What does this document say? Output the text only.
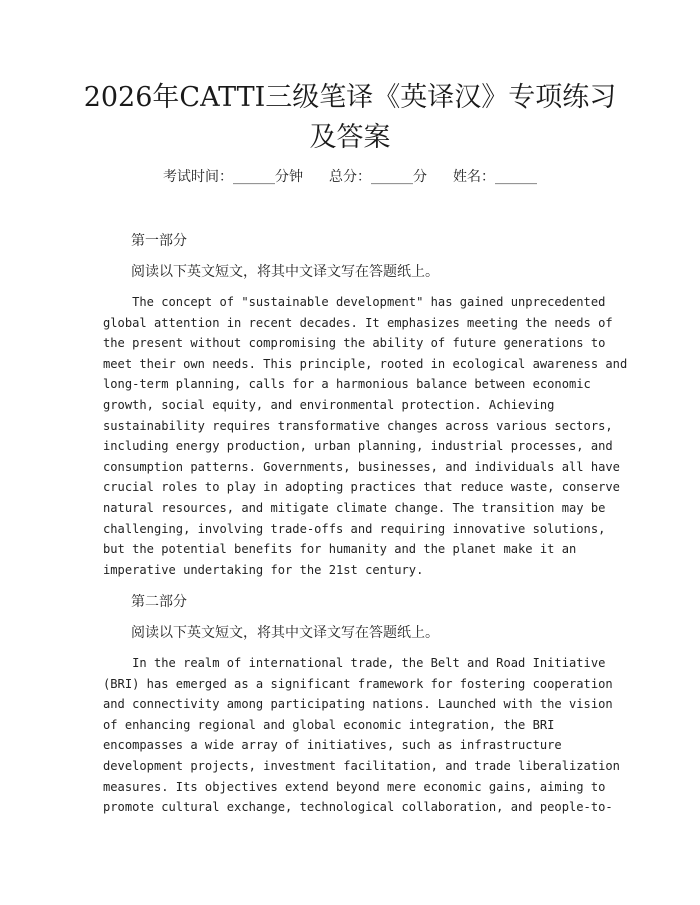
2026年CATTI三级笔译《英译汉》专项练习
及答案
考试时间：______分钟 总分：______分 姓名：______
第一部分
阅读以下英文短文，将其中文译文写在答题纸上。
The concept of "sustainable development" has gained unprecedented
global attention in recent decades. It emphasizes meeting the needs of
the present without compromising the ability of future generations to
meet their own needs. This principle, rooted in ecological awareness and
long-term planning, calls for a harmonious balance between economic
growth, social equity, and environmental protection. Achieving
sustainability requires transformative changes across various sectors,
including energy production, urban planning, industrial processes, and
consumption patterns. Governments, businesses, and individuals all have
crucial roles to play in adopting practices that reduce waste, conserve
natural resources, and mitigate climate change. The transition may be
challenging, involving trade-offs and requiring innovative solutions,
but the potential benefits for humanity and the planet make it an
imperative undertaking for the 21st century.
第二部分
阅读以下英文短文，将其中文译文写在答题纸上。
In the realm of international trade, the Belt and Road Initiative
(BRI) has emerged as a significant framework for fostering cooperation
and connectivity among participating nations. Launched with the vision
of enhancing regional and global economic integration, the BRI
encompasses a wide array of initiatives, such as infrastructure
development projects, investment facilitation, and trade liberalization
measures. Its objectives extend beyond mere economic gains, aiming to
promote cultural exchange, technological collaboration, and people-to-
